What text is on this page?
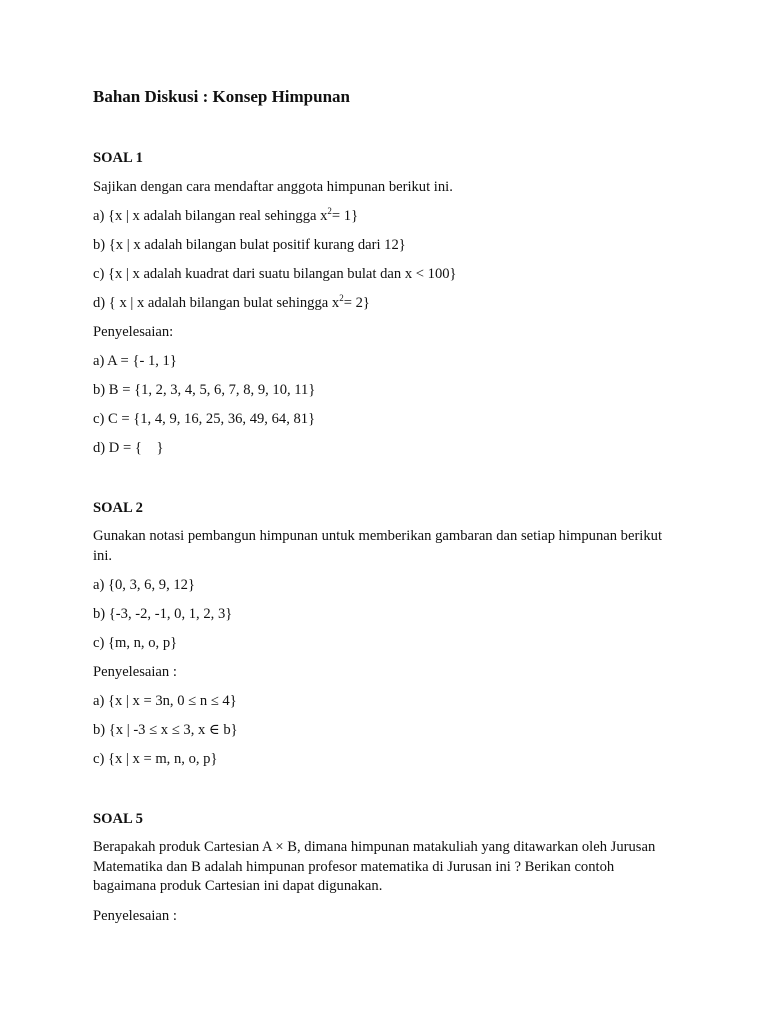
Bahan Diskusi : Konsep Himpunan
SOAL 1
Sajikan dengan cara mendaftar anggota himpunan berikut ini.
a) {x | x adalah bilangan real sehingga $x^2= 1$}
b) {x | x adalah bilangan bulat positif kurang dari 12}
c) {x | x adalah kuadrat dari suatu bilangan bulat dan x < 100}
d) { x | x adalah bilangan bulat sehingga $x^2= 2$}
Penyelesaian:
a) A = {- 1, 1}
b) B = {1, 2, 3, 4, 5, 6, 7, 8, 9, 10, 11}
c) C = {1, 4, 9, 16, 25, 36, 49, 64, 81}
d) D = {    }
SOAL 2
Gunakan notasi pembangun himpunan untuk memberikan gambaran dan setiap himpunan berikut ini.
a) {0, 3, 6, 9, 12}
b) {-3, -2, -1, 0, 1, 2, 3}
c) {m, n, o, p}
Penyelesaian :
a) {x | x = 3n, 0 ≤ n ≤ 4}
b) {x | -3 ≤ x ≤ 3, x ∈ b}
c) {x | x = m, n, o, p}
SOAL 5
Berapakah produk Cartesian A × B, dimana himpunan matakuliah yang ditawarkan oleh Jurusan Matematika dan B adalah himpunan profesor matematika di Jurusan ini ? Berikan contoh bagaimana produk Cartesian ini dapat digunakan.
Penyelesaian :
